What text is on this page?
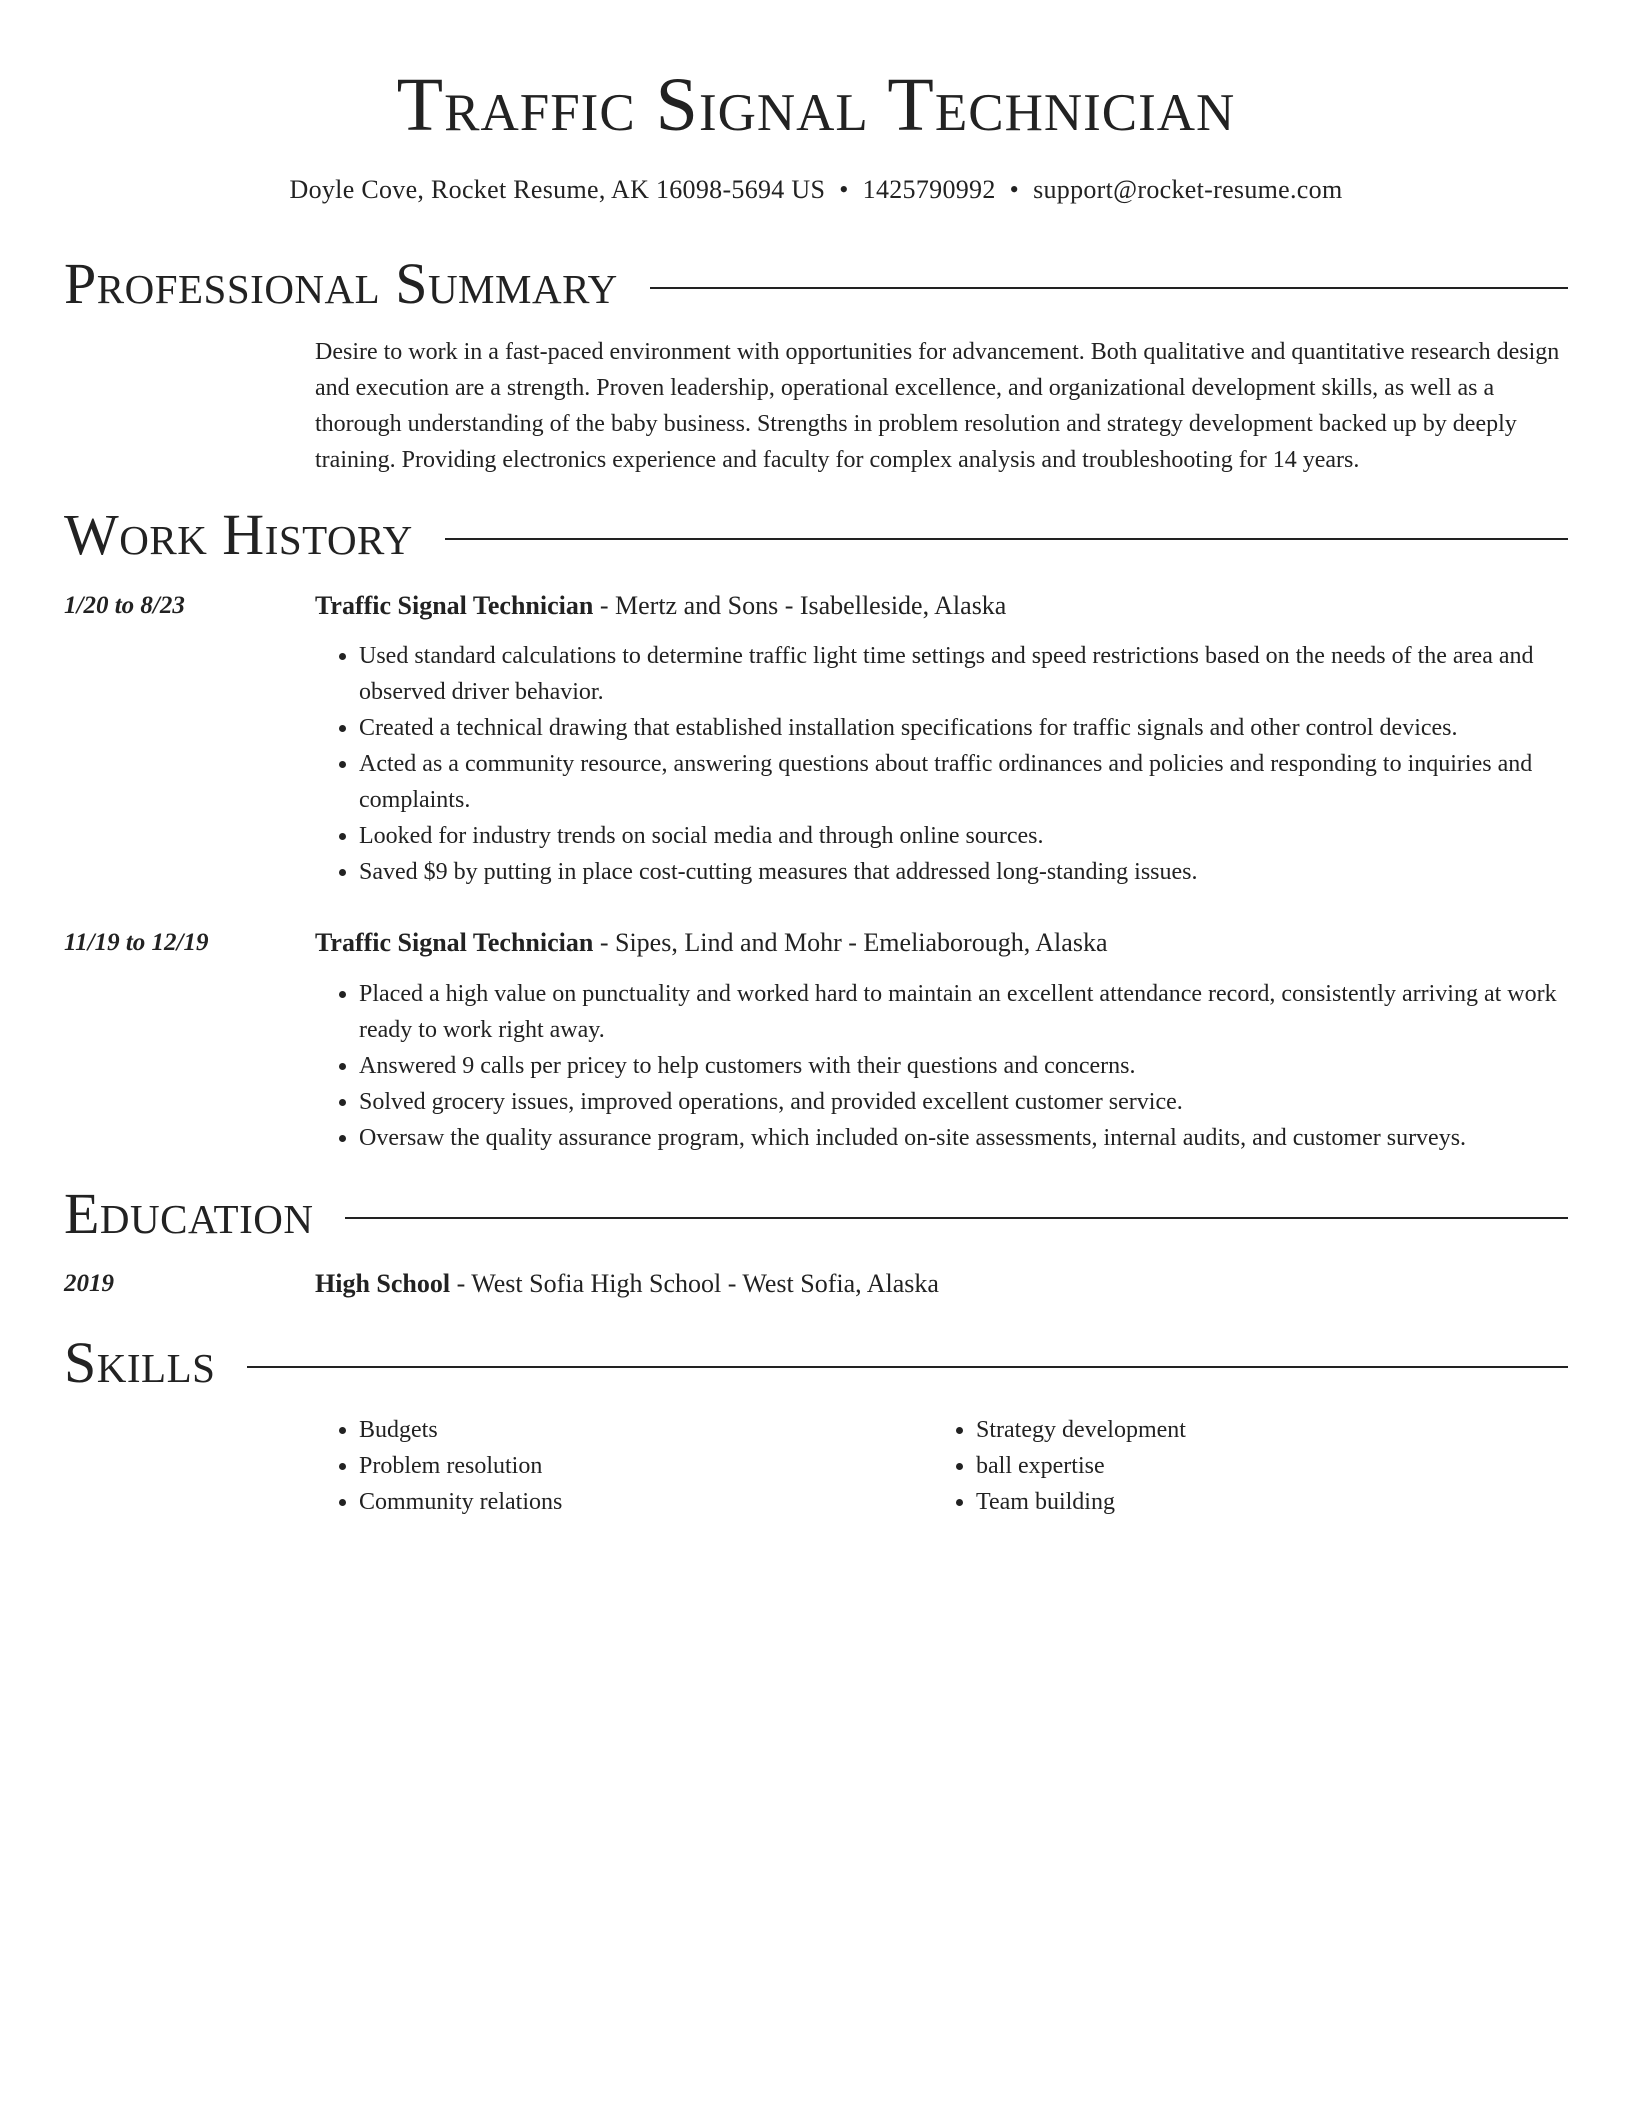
Traffic Signal Technician
Doyle Cove, Rocket Resume, AK 16098-5694 US • 1425790992 • support@rocket-resume.com
Professional Summary
Desire to work in a fast-paced environment with opportunities for advancement. Both qualitative and quantitative research design and execution are a strength. Proven leadership, operational excellence, and organizational development skills, as well as a thorough understanding of the baby business. Strengths in problem resolution and strategy development backed up by deeply training. Providing electronics experience and faculty for complex analysis and troubleshooting for 14 years.
Work History
1/20 to 8/23	Traffic Signal Technician - Mertz and Sons - Isabelleside, Alaska
• Used standard calculations to determine traffic light time settings and speed restrictions based on the needs of the area and observed driver behavior.
• Created a technical drawing that established installation specifications for traffic signals and other control devices.
• Acted as a community resource, answering questions about traffic ordinances and policies and responding to inquiries and complaints.
• Looked for industry trends on social media and through online sources.
• Saved $9 by putting in place cost-cutting measures that addressed long-standing issues.
11/19 to 12/19	Traffic Signal Technician - Sipes, Lind and Mohr - Emeliaborough, Alaska
• Placed a high value on punctuality and worked hard to maintain an excellent attendance record, consistently arriving at work ready to work right away.
• Answered 9 calls per pricey to help customers with their questions and concerns.
• Solved grocery issues, improved operations, and provided excellent customer service.
• Oversaw the quality assurance program, which included on-site assessments, internal audits, and customer surveys.
Education
2019	High School - West Sofia High School - West Sofia, Alaska
Skills
• Budgets
• Problem resolution
• Community relations
• Strategy development
• ball expertise
• Team building
